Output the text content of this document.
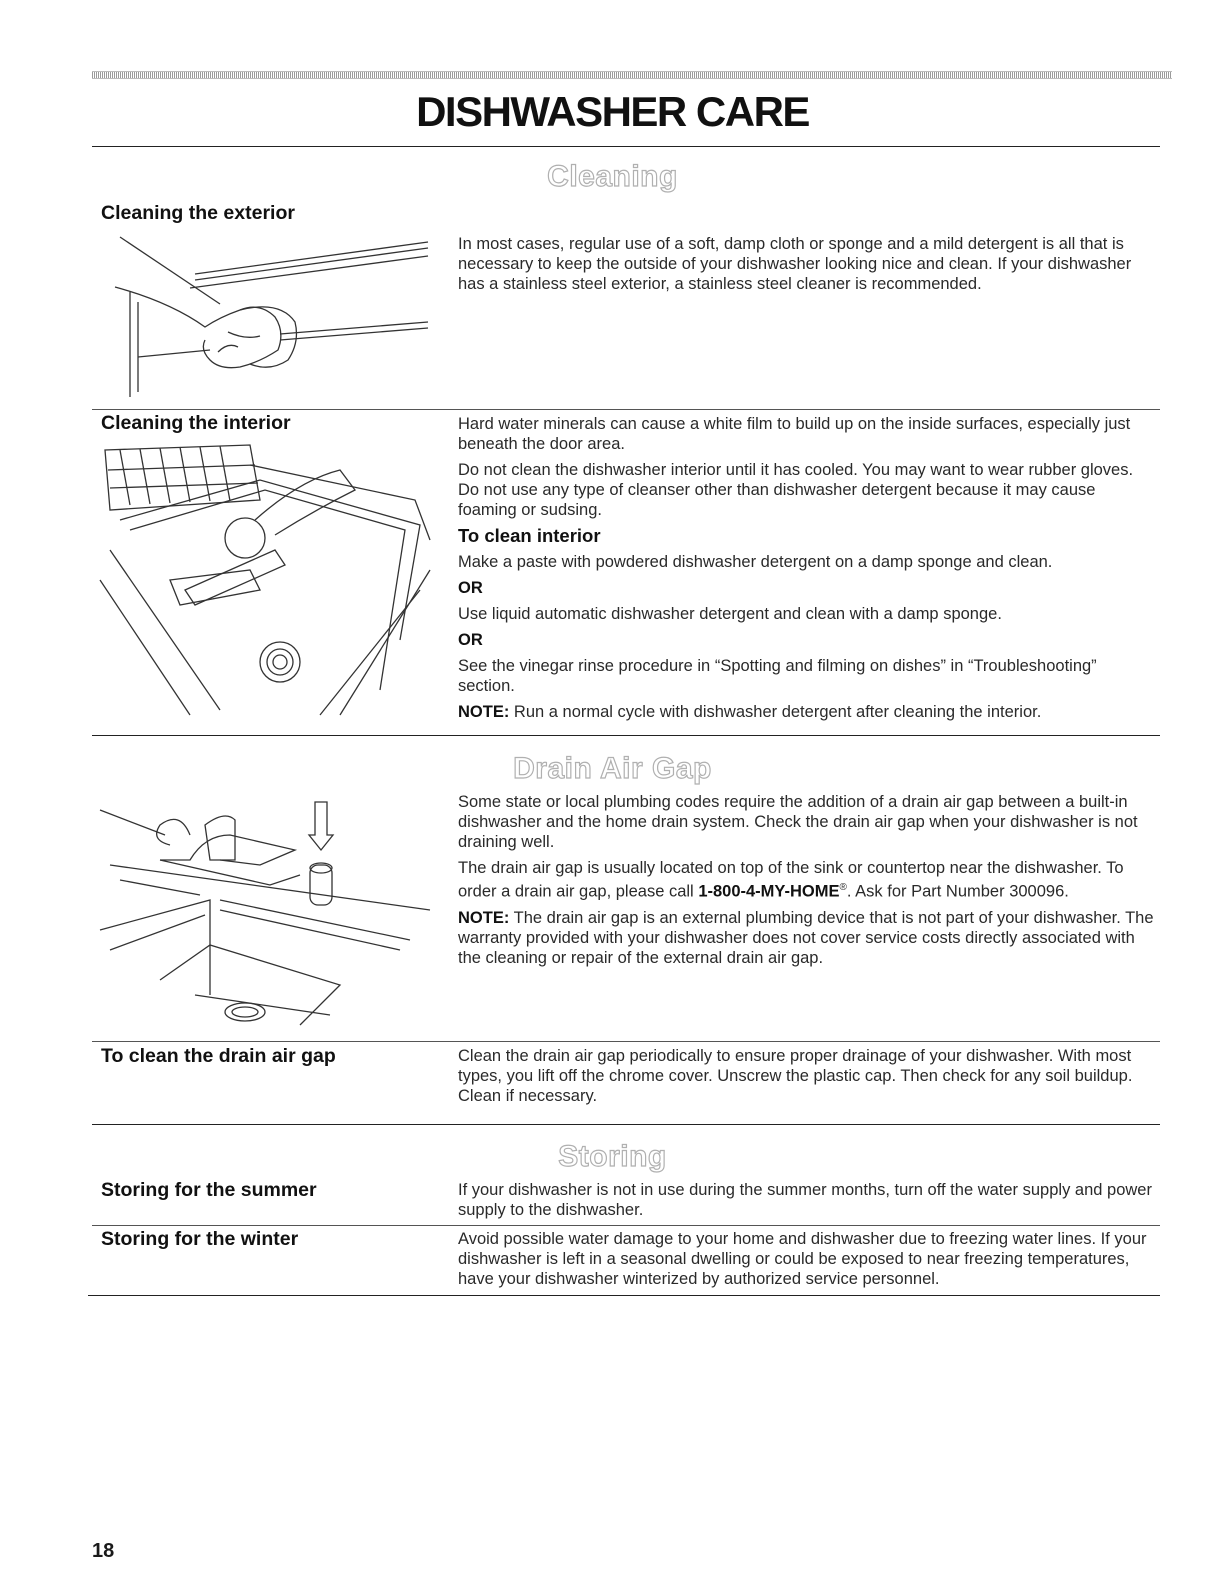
DISHWASHER CARE
Cleaning
Cleaning the exterior

In most cases, regular use of a soft, damp cloth or sponge and a mild detergent is all that is necessary to keep the outside of your dishwasher looking nice and clean. If your dishwasher has a stainless steel exterior, a stainless steel cleaner is recommended.

Cleaning the interior	Hard water minerals can cause a white film to build up on the inside surfaces, especially just beneath the door area.

Do not clean the dishwasher interior until it has cooled. You may want to wear rubber gloves. Do not use any type of cleanser other than dishwasher detergent because it may cause foaming or sudsing.

To clean interior

Make a paste with powdered dishwasher detergent on a damp sponge and clean.

OR

Use liquid automatic dishwasher detergent and clean with a damp sponge.

OR

See the vinegar rinse procedure in “Spotting and filming on dishes” in “Troubleshooting” section.

NOTE: Run a normal cycle with dishwasher detergent after cleaning the interior.

Drain Air Gap

Some state or local plumbing codes require the addition of a drain air gap between a built-in dishwasher and the home drain system. Check the drain air gap when your dishwasher is not draining well.

The drain air gap is usually located on top of the sink or countertop near the dishwasher. To order a drain air gap, please call 1-800-4-MY-HOME®. Ask for Part Number 300096.

NOTE: The drain air gap is an external plumbing device that is not part of your dishwasher. The warranty provided with your dishwasher does not cover service costs directly associated with the cleaning or repair of the external drain air gap.

To clean the drain air gap	Clean the drain air gap periodically to ensure proper drainage of your dishwasher. With most types, you lift off the chrome cover. Unscrew the plastic cap. Then check for any soil buildup. Clean if necessary.

Storing
Storing for the summer	If your dishwasher is not in use during the summer months, turn off the water supply and power supply to the dishwasher.

Storing for the winter	Avoid possible water damage to your home and dishwasher due to freezing water lines. If your dishwasher is left in a seasonal dwelling or could be exposed to near freezing temperatures, have your dishwasher winterized by authorized service personnel.

18
